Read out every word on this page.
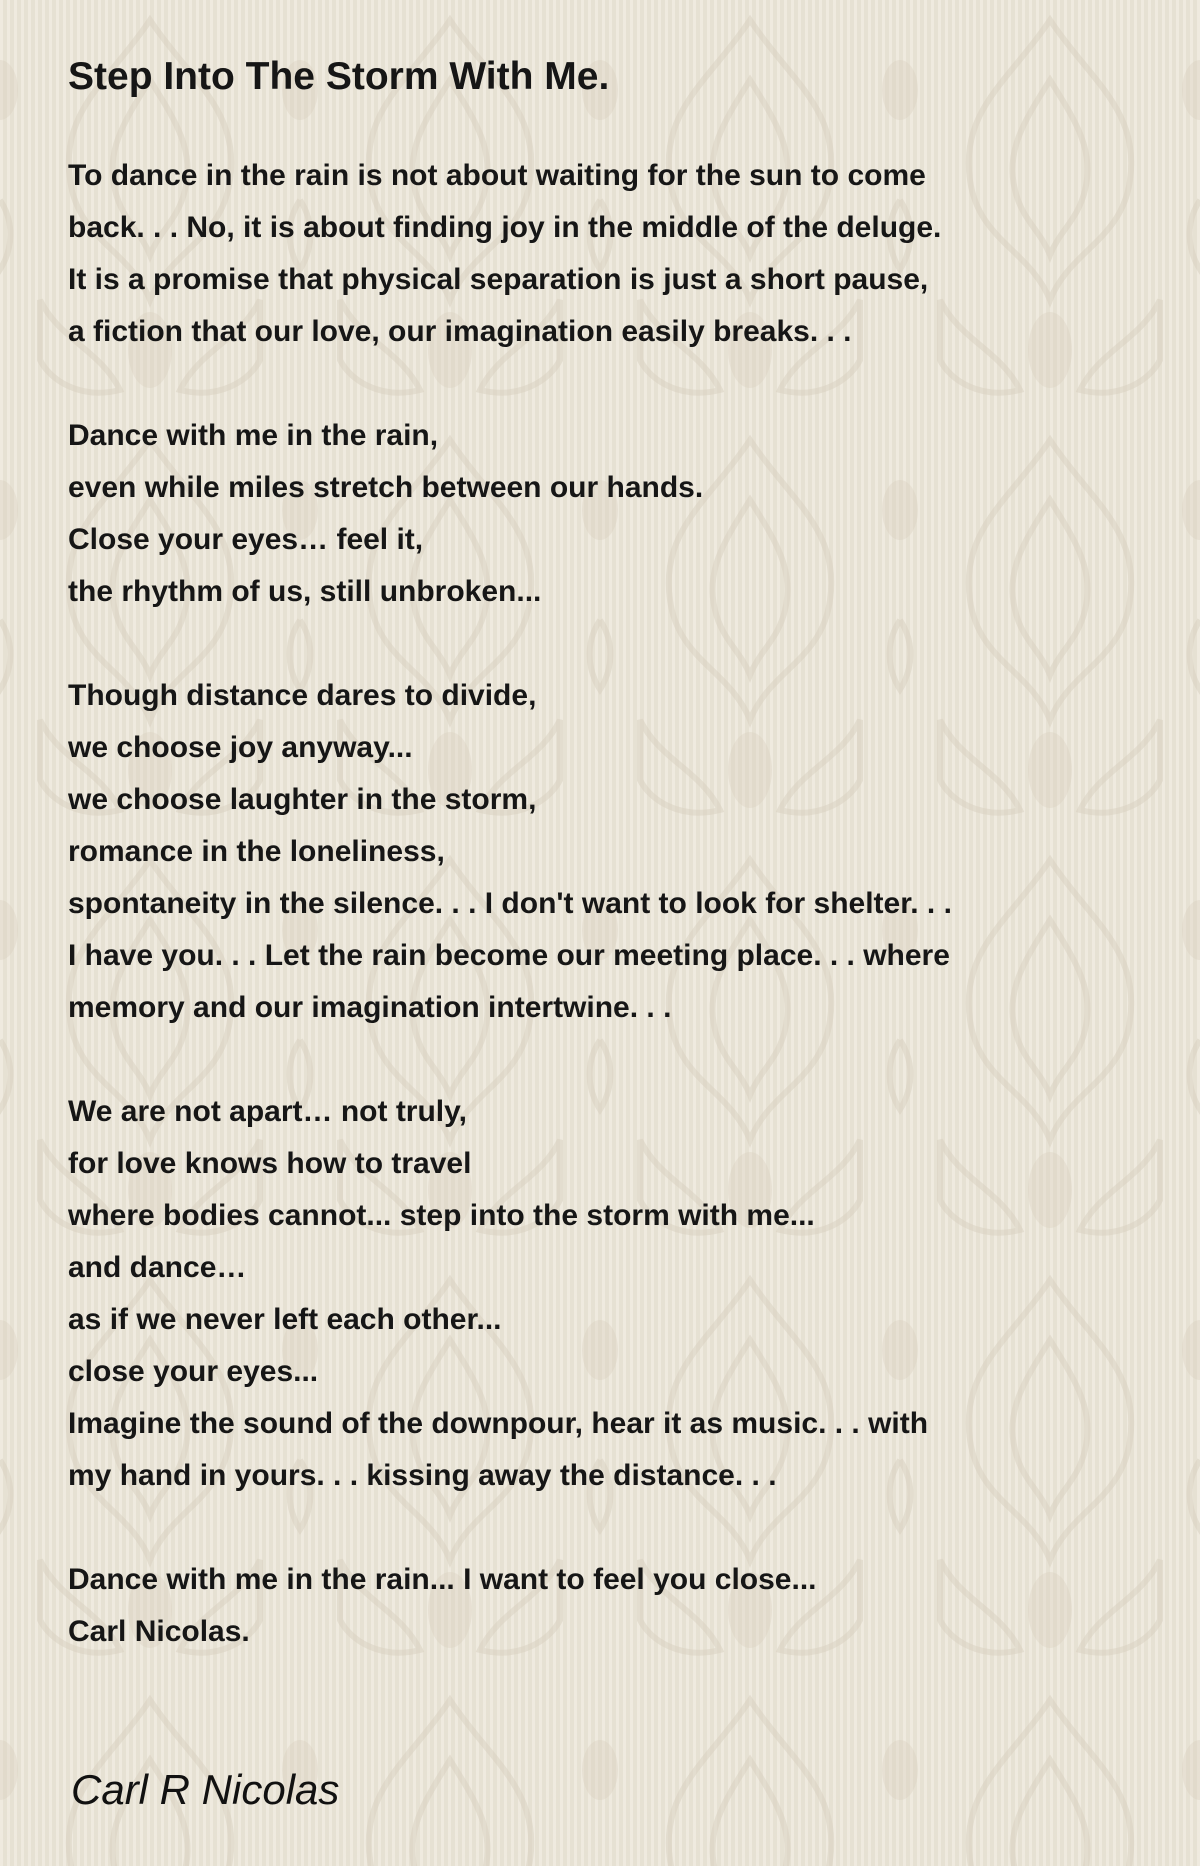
Step Into The Storm With Me.
To dance in the rain is not about waiting for the sun to come
back. . . No, it is about finding joy in the middle of the deluge.
It is a promise that physical separation is just a short pause,
a fiction that our love, our imagination easily breaks. . .
Dance with me in the rain,
even while miles stretch between our hands.
Close your eyes… feel it,
the rhythm of us, still unbroken...
Though distance dares to divide,
we choose joy anyway...
we choose laughter in the storm,
romance in the loneliness,
spontaneity in the silence. . . I don't want to look for shelter. . .
I have you. . . Let the rain become our meeting place. . . where
memory and our imagination intertwine. . .
We are not apart… not truly,
for love knows how to travel
where bodies cannot... step into the storm with me...
and dance…
as if we never left each other...
close your eyes...
Imagine the sound of the downpour, hear it as music. . . with
my hand in yours. . . kissing away the distance. . .
Dance with me in the rain... I want to feel you close...
Carl Nicolas.
Carl R Nicolas
